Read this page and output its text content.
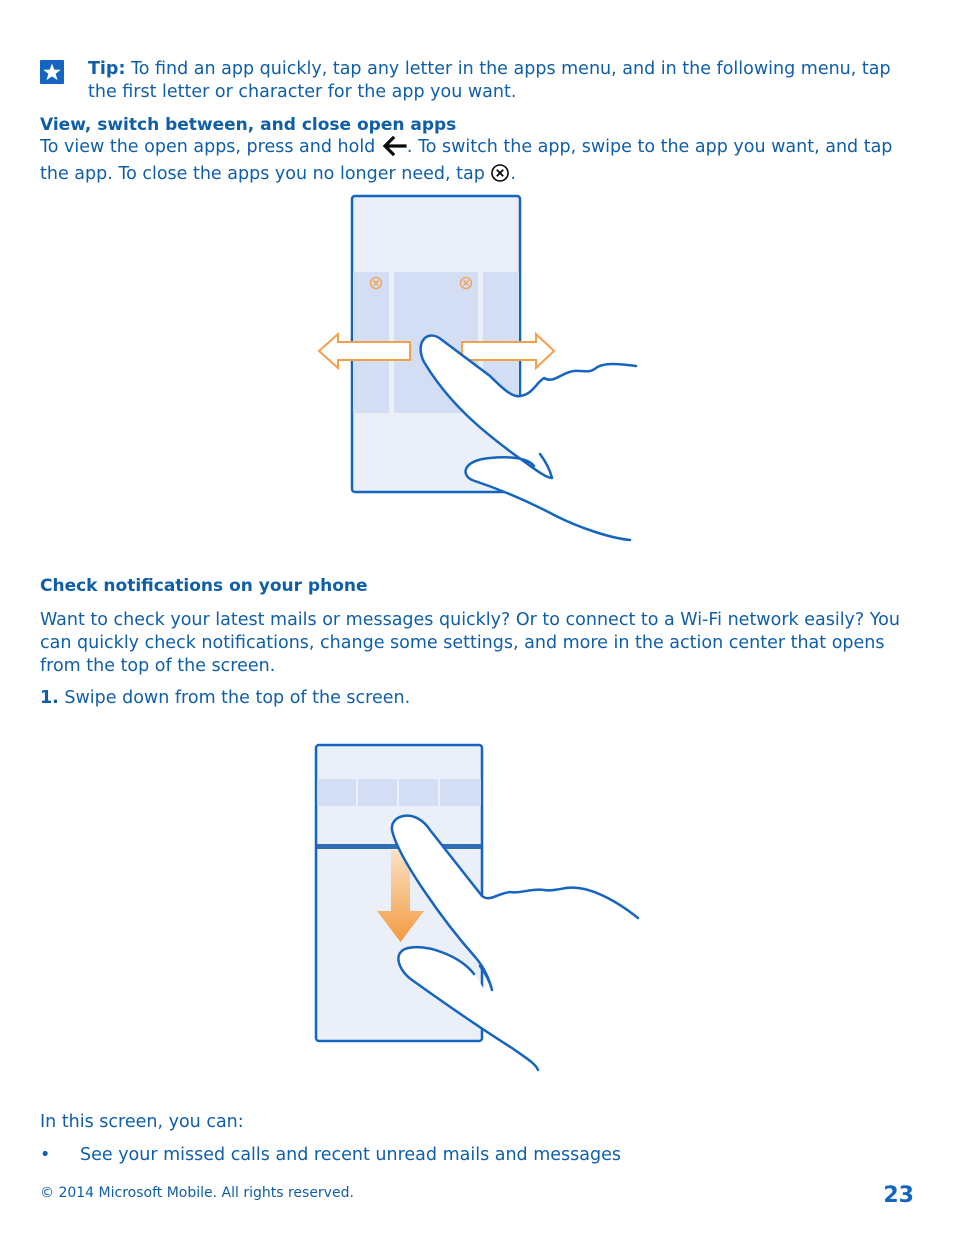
Tip: To find an app quickly, tap any letter in the apps menu, and in the following menu, tap the first letter or character for the app you want.
View, switch between, and close open apps
To view the open apps, press and hold . To switch the app, swipe to the app you want, and tap the app. To close the apps you no longer need, tap .
Check notifications on your phone
Want to check your latest mails or messages quickly? Or to connect to a Wi-Fi network easily? You can quickly check notifications, change some settings, and more in the action center that opens from the top of the screen.
1. Swipe down from the top of the screen.
In this screen, you can:
• See your missed calls and recent unread mails and messages
© 2014 Microsoft Mobile. All rights reserved.	23
